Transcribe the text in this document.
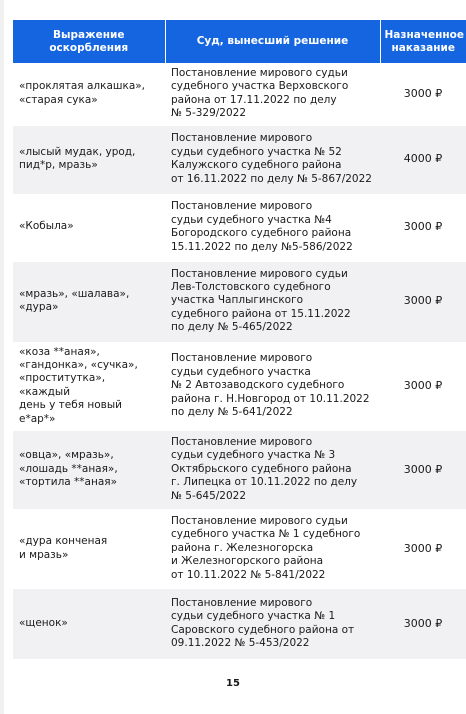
Выражение
оскорбления	Суд, вынесший решение	Назначенное
наказание

«проклятая алкашка»,
«старая сука»	Постановление мирового судьи
судебного участка Верховского
района от 17.11.2022 по делу
№ 5-329/2022	3000 ₽

«лысый мудак, урод,
пид*р, мразь»	Постановление мирового
судьи судебного участка № 52
Калужского судебного района
от 16.11.2022 по делу № 5-867/2022	4000 ₽

«Кобыла»	Постановление мирового
судьи судебного участка №4
Богородского судебного района
15.11.2022 по делу №5-586/2022	3000 ₽

«мразь», «шалава»,
«дура»	Постановление мирового судьи
Лев-Толстовского судебного
участка Чаплыгинского
судебного района от 15.11.2022
по делу № 5-465/2022	3000 ₽

«коза **аная»,
«гандонка», «сучка»,
«проститутка», «каждый
день у тебя новый е*ар*»	Постановление мирового
судьи судебного участка
№ 2 Автозаводского судебного
района г. Н.Новгород от 10.11.2022
по делу № 5-641/2022	3000 ₽

«овца», «мразь»,
«лошадь **аная»,
«тортила **аная»	Постановление мирового
судьи судебного участка № 3
Октябрьского судебного района
г. Липецка от 10.11.2022 по делу
№ 5-645/2022	3000 ₽

«дура конченая
и мразь»	Постановление мирового судьи
судебного участка № 1 судебного
района г. Железногорска
и Железногорского района
от 10.11.2022 № 5-841/2022	3000 ₽

«щенок»	Постановление мирового
судьи судебного участка № 1
Саровского судебного района от
09.11.2022 № 5-453/2022	3000 ₽
15
